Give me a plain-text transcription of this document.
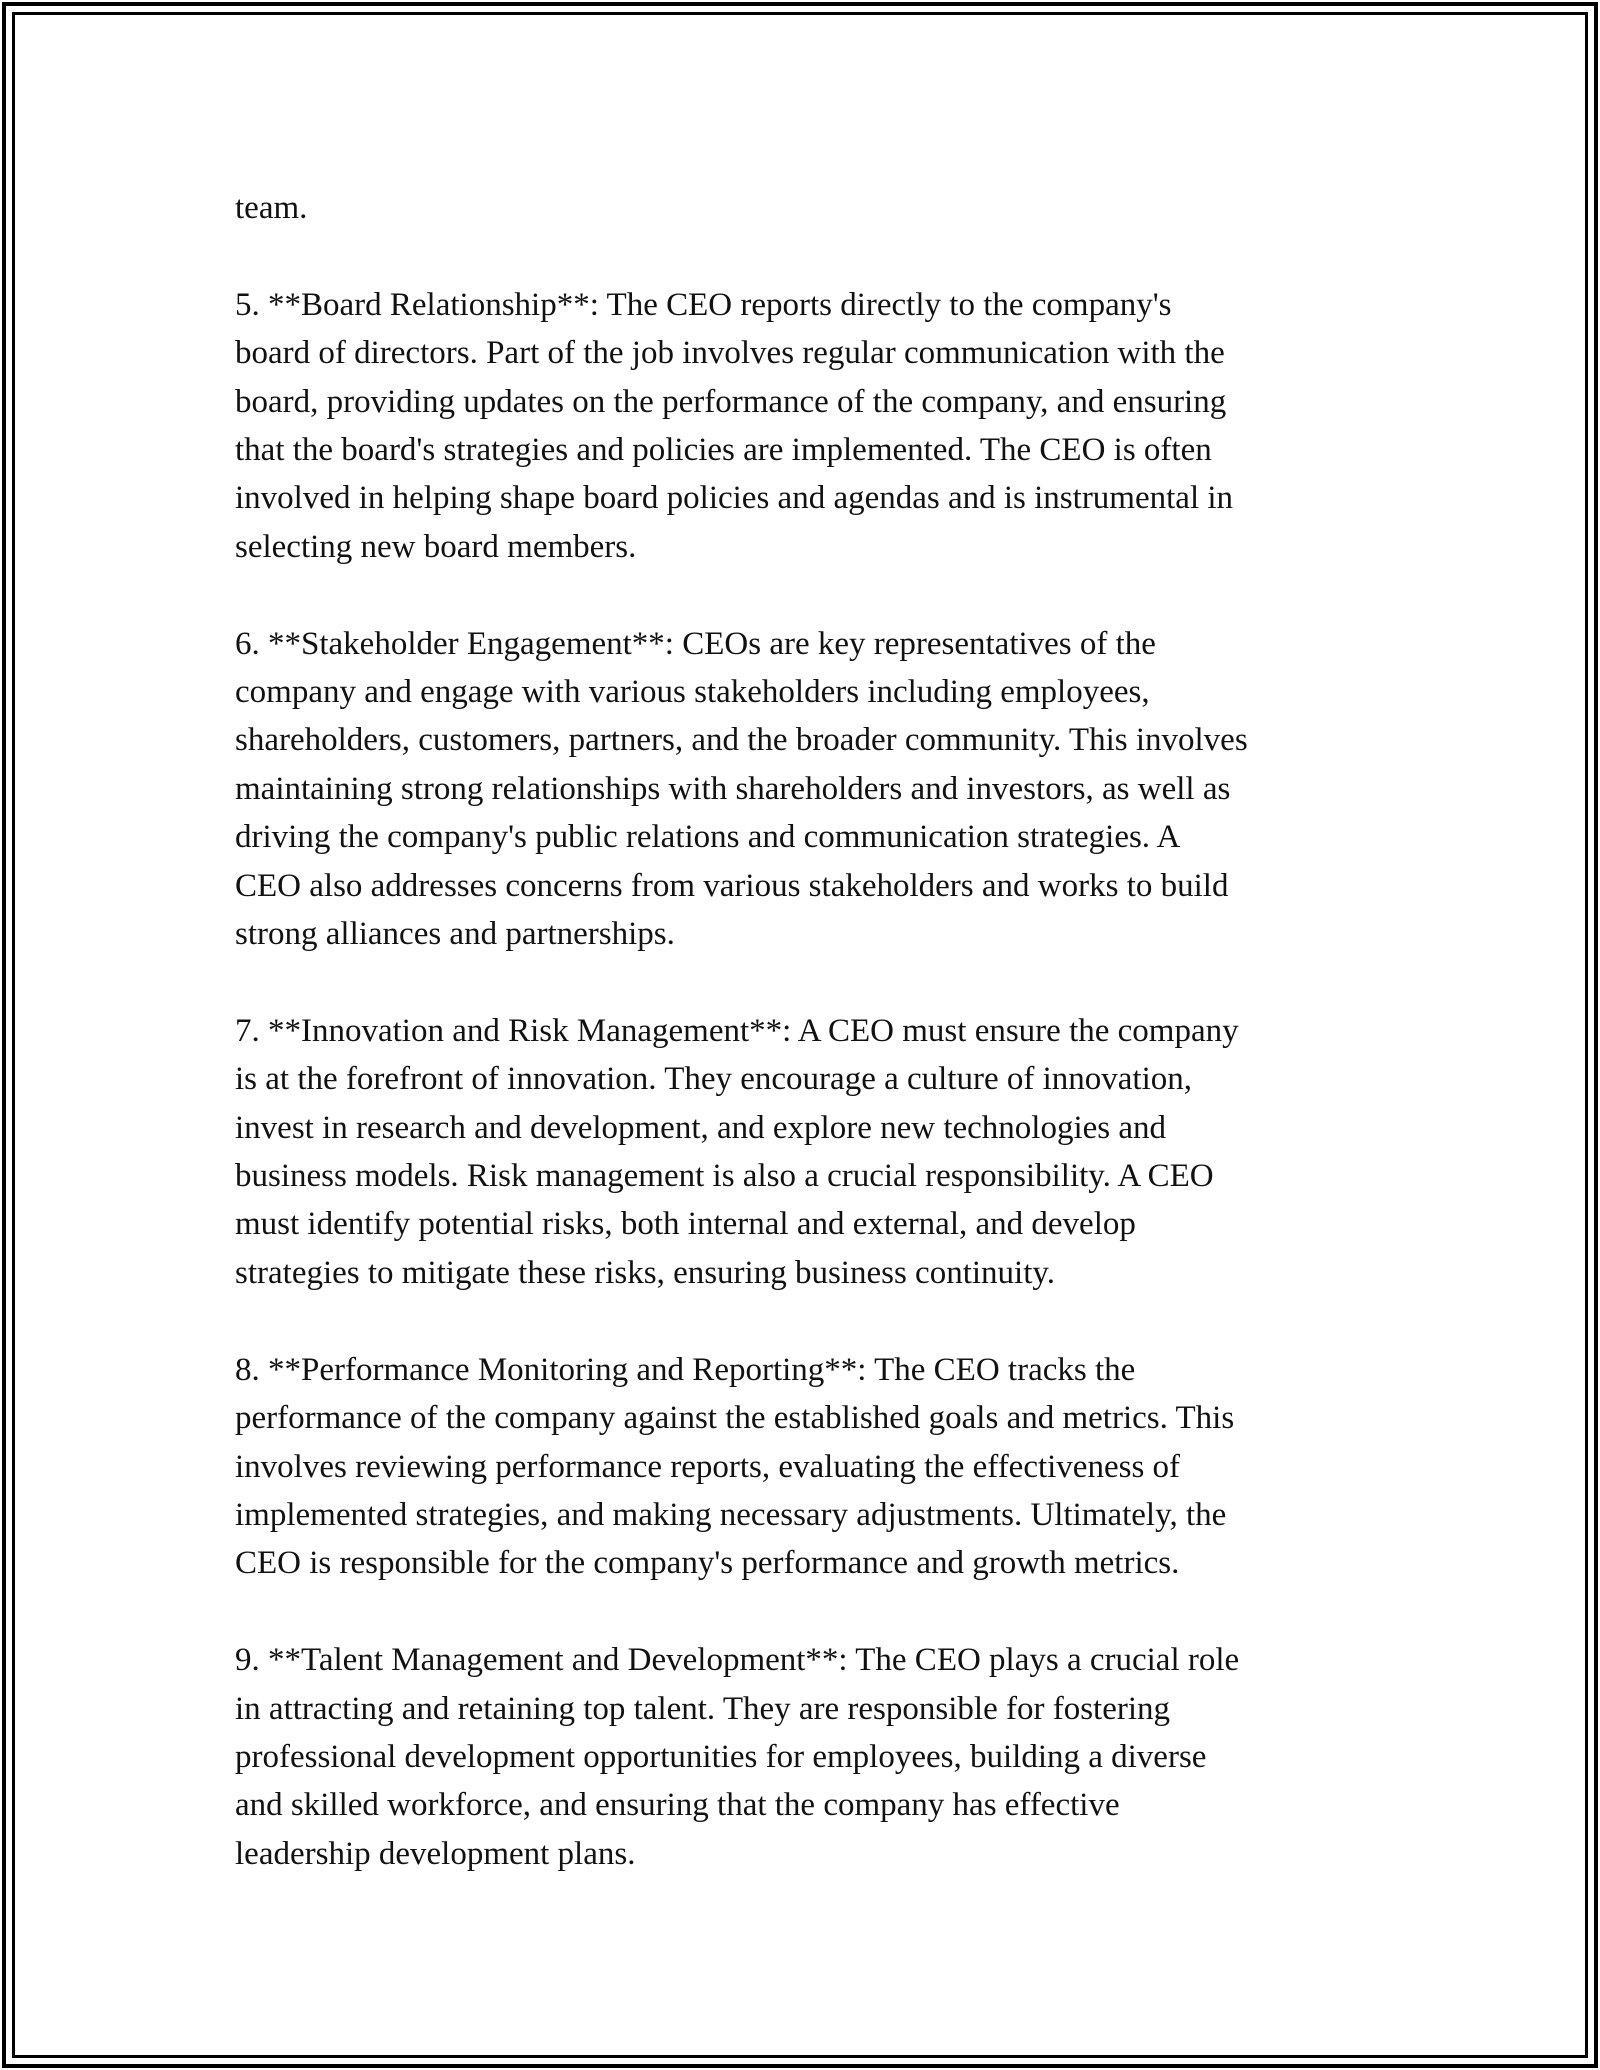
team.

5. **Board Relationship**: The CEO reports directly to the company's
board of directors. Part of the job involves regular communication with the
board, providing updates on the performance of the company, and ensuring
that the board's strategies and policies are implemented. The CEO is often
involved in helping shape board policies and agendas and is instrumental in
selecting new board members.

6. **Stakeholder Engagement**: CEOs are key representatives of the
company and engage with various stakeholders including employees,
shareholders, customers, partners, and the broader community. This involves
maintaining strong relationships with shareholders and investors, as well as
driving the company's public relations and communication strategies. A
CEO also addresses concerns from various stakeholders and works to build
strong alliances and partnerships.

7. **Innovation and Risk Management**: A CEO must ensure the company
is at the forefront of innovation. They encourage a culture of innovation,
invest in research and development, and explore new technologies and
business models. Risk management is also a crucial responsibility. A CEO
must identify potential risks, both internal and external, and develop
strategies to mitigate these risks, ensuring business continuity.

8. **Performance Monitoring and Reporting**: The CEO tracks the
performance of the company against the established goals and metrics. This
involves reviewing performance reports, evaluating the effectiveness of
implemented strategies, and making necessary adjustments. Ultimately, the
CEO is responsible for the company's performance and growth metrics.

9. **Talent Management and Development**: The CEO plays a crucial role
in attracting and retaining top talent. They are responsible for fostering
professional development opportunities for employees, building a diverse
and skilled workforce, and ensuring that the company has effective
leadership development plans.
